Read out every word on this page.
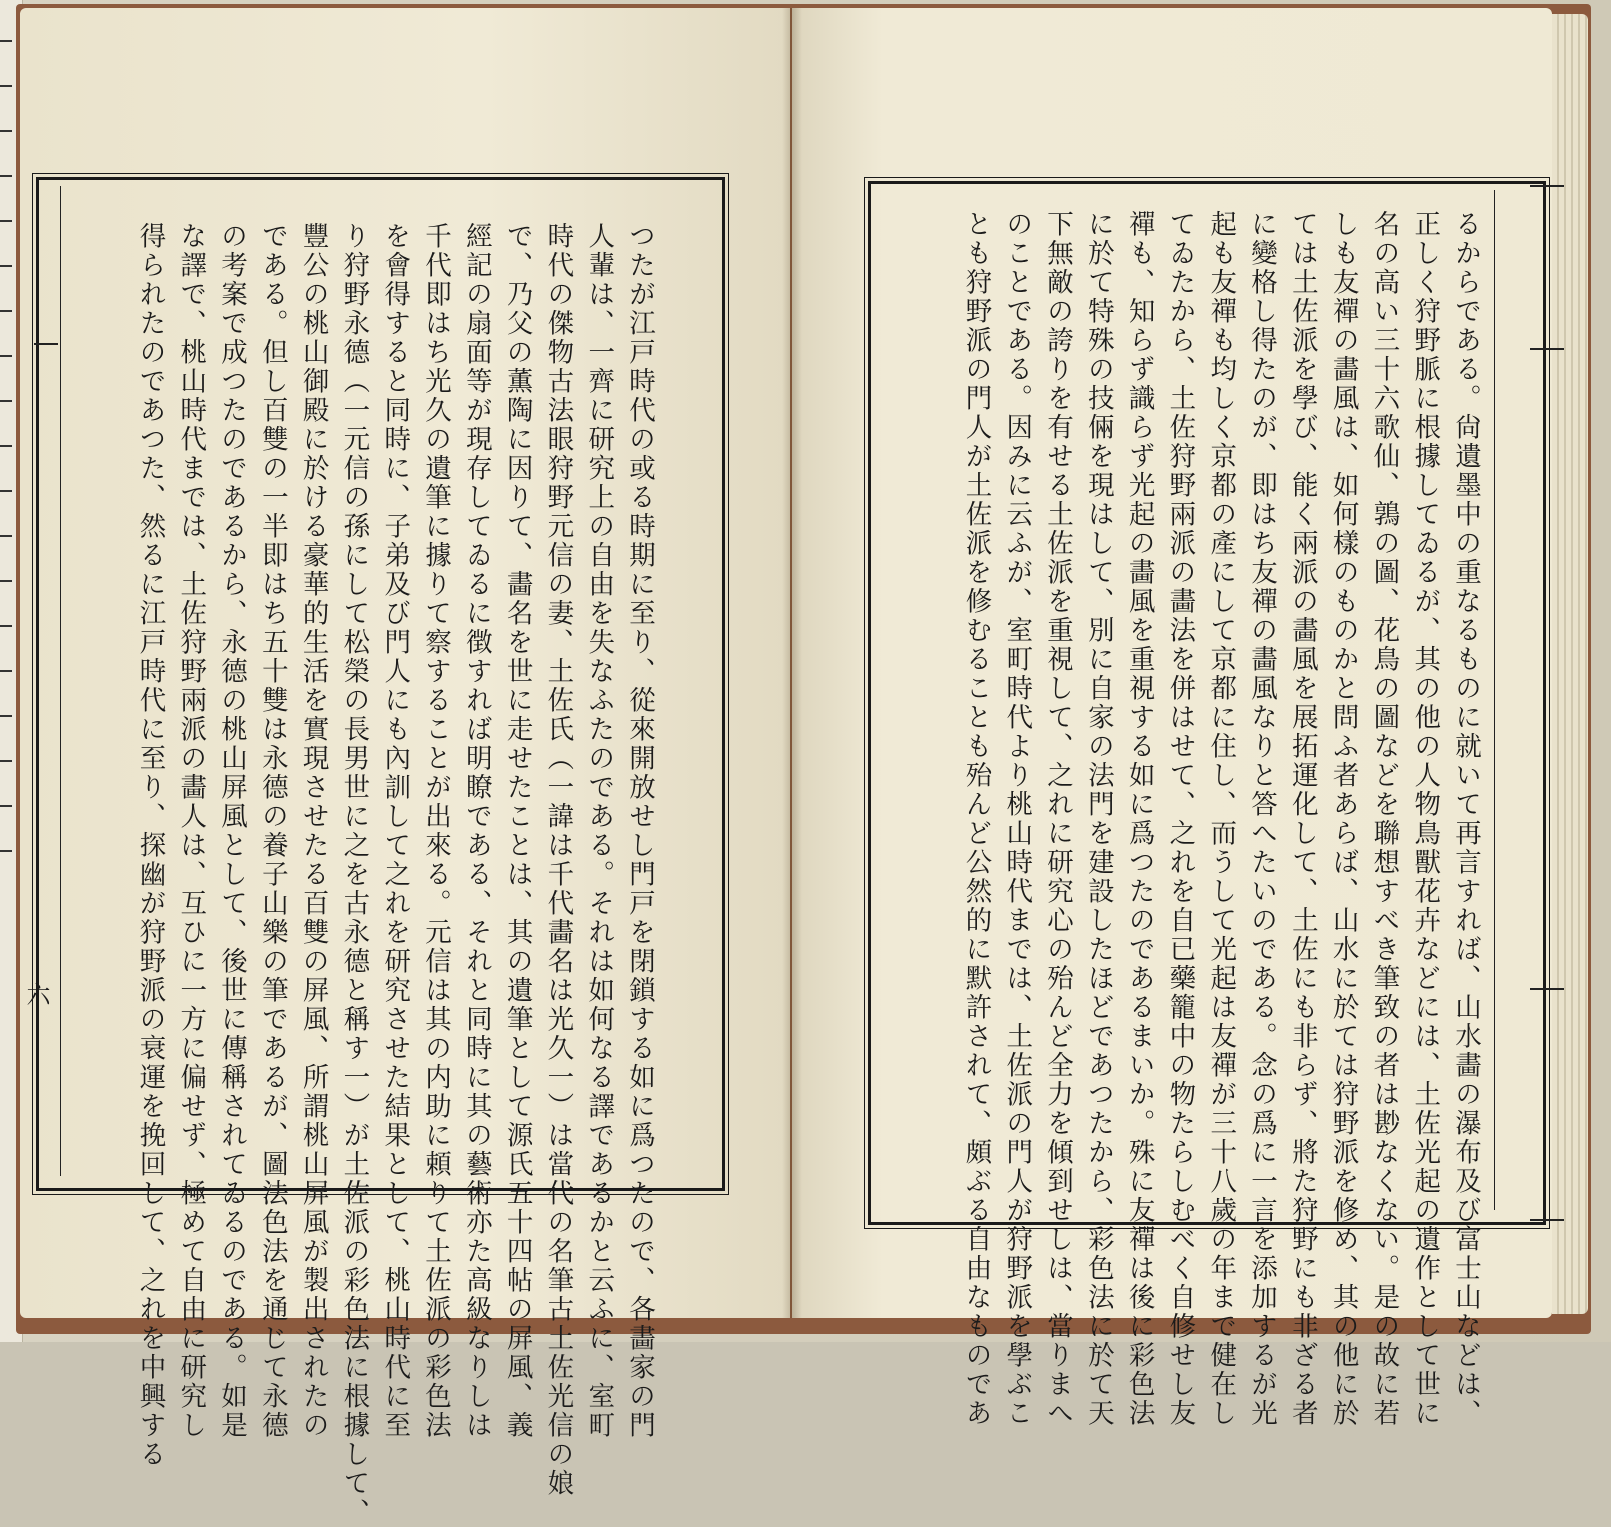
六	つたが江戸時代の或る時期に至り、從來開放せし門戸を閉鎖する如に爲つたので、各畵家の門
人輩は、一齊に研究上の自由を失なふたのである。それは如何なる譯であるかと云ふに、室町
時代の傑物古法眼狩野元信の妻、土佐氏（一諱は千代畵名は光久一）は當代の名筆古土佐光信の娘
で、乃父の薫陶に因りて、畵名を世に走せたことは、其の遺筆として源氏五十四帖の屏風、義
經記の扇面等が現存してゐるに徴すれば明瞭である、それと同時に其の藝術亦た高級なりしは
千代即はち光久の遺筆に據りて察することが出來る。元信は其の内助に頼りて土佐派の彩色法
を會得すると同時に、子弟及び門人にも內訓して之れを研究させた結果として、桃山時代に至
り狩野永德（一元信の孫にして松榮の長男世に之を古永德と稱す一）が土佐派の彩色法に根據して、
豐公の桃山御殿に於ける豪華的生活を實現させたる百雙の屏風、所謂桃山屏風が製出されたの
である。但し百雙の一半即はち五十雙は永德の養子山樂の筆であるが、圖法色法を通じて永德
の考案で成つたのであるから、永德の桃山屏風として、後世に傳稱されてゐるのである。如是
な譯で、桃山時代までは、土佐狩野兩派の畵人は、互ひに一方に偏せず、極めて自由に研究し
得られたのであつた、然るに江戸時代に至り、探幽が狩野派の衰運を挽回して、之れを中興する	るからである。尙遺墨中の重なるものに就いて再言すれば、山水畵の瀑布及び富士山などは、
正しく狩野脈に根據してゐるが、其の他の人物鳥獸花卉などには、土佐光起の遺作として世に
名の高い三十六歌仙、鶉の圖、花鳥の圖などを聯想すべき筆致の者は尠なくない。是の故に若
しも友禪の畵風は、如何樣のものかと問ふ者あらば、山水に於ては狩野派を修め、其の他に於
ては土佐派を學び、能く兩派の畵風を展拓運化して、土佐にも非らず、將た狩野にも非ざる者
に變格し得たのが、即はち友禪の畵風なりと答へたいのである。念の爲に一言を添加するが光
起も友禪も均しく京都の產にして京都に住し、而うして光起は友禪が三十八歲の年まで健在し
てゐたから、土佐狩野兩派の畵法を併はせて、之れを自已藥籠中の物たらしむべく自修せし友
禪も、知らず識らず光起の畵風を重視する如に爲つたのであるまいか。殊に友禪は後に彩色法
に於て特殊の技倆を現はして、別に自家の法門を建設したほどであつたから、彩色法に於て天
下無敵の誇りを有せる土佐派を重視して、之れに研究心の殆んど全力を傾到せしは、當りまへ
のことである。因みに云ふが、室町時代より桃山時代までは、土佐派の門人が狩野派を學ぶこ
とも狩野派の門人が土佐派を修むることも殆んど公然的に默許されて、頗ぶる自由なものであ
